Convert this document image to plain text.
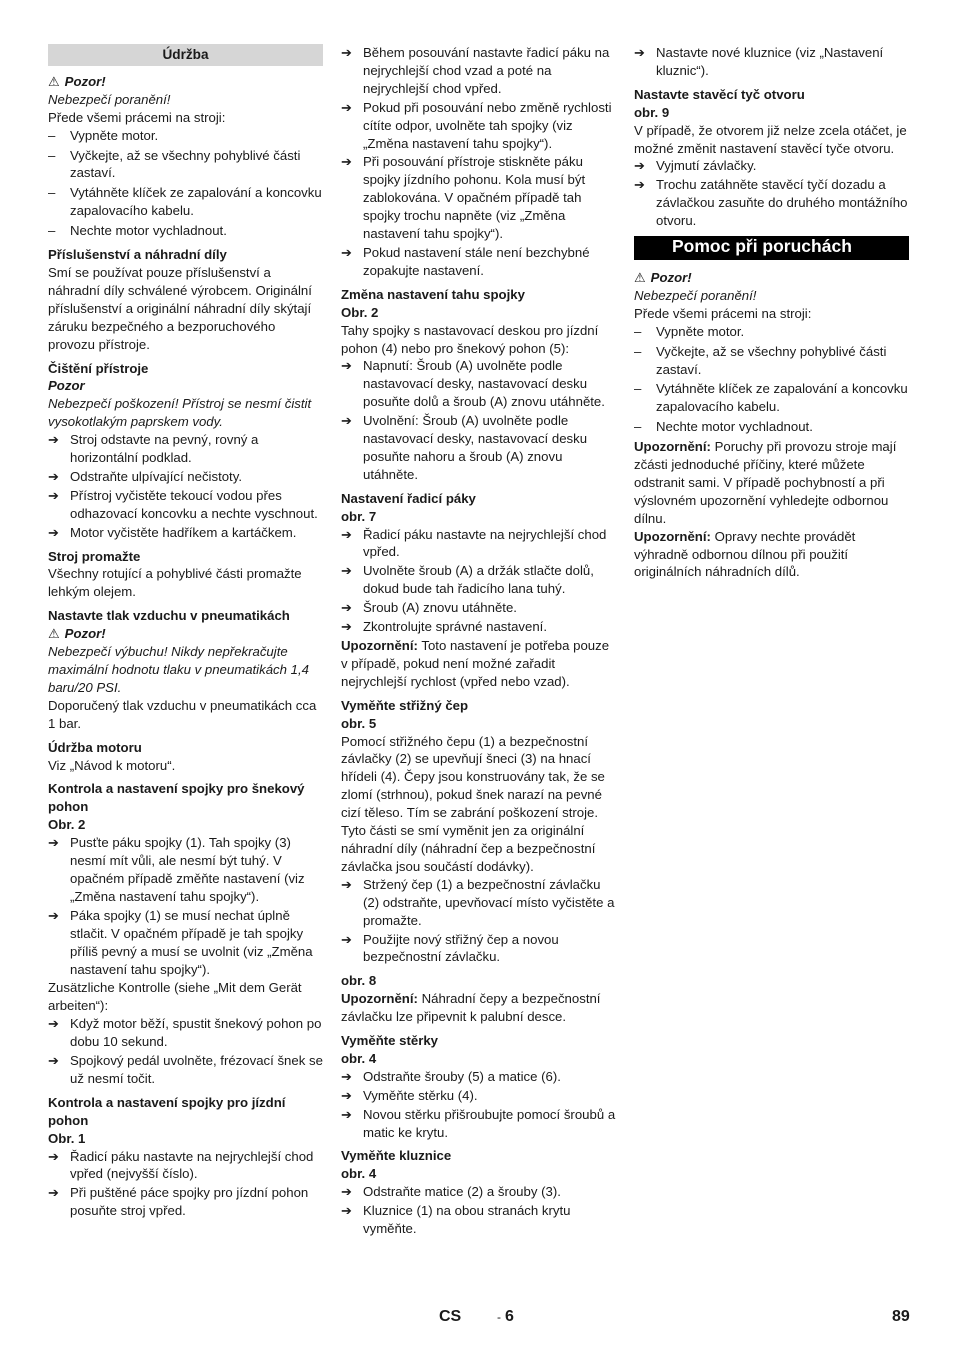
Údržba

⚠ Pozor!

Nebezpečí poranění!

Přede všemi prácemi na stroji:

– Vypněte motor.
– Vyčkejte, až se všechny pohyblivé části zastaví.
– Vytáhněte klíček ze zapalování a koncovku zapalovacího kabelu.
– Nechte motor vychladnout.

Příslušenství a náhradní díly

Smí se používat pouze příslušenství a náhradní díly schválené výrobcem. Originální příslušenství a originální náhradní díly skýtají záruku bezpečného a bezporuchového provozu přístroje.

Čištění přístroje

Pozor

Nebezpečí poškození! Přístroj se nesmí čistit vysokotlakým paprskem vody.

➔ Stroj odstavte na pevný, rovný a horizontální podklad.
➔ Odstraňte ulpívající nečistoty.
➔ Přístroj vyčistěte tekoucí vodou přes odhazovací koncovku a nechte vyschnout.
➔ Motor vyčistěte hadříkem a kartáčkem.

Stroj promažte

Všechny rotující a pohyblivé části promažte lehkým olejem.

Nastavte tlak vzduchu v pneumatikách

⚠ Pozor!

Nebezpečí výbuchu! Nikdy nepřekračujte maximální hodnotu tlaku v pneumatikách 1,4 baru/20 PSI.

Doporučený tlak vzduchu v pneumatikách cca 1 bar.

Údržba motoru

Viz „Návod k motoru“.

Kontrola a nastavení spojky pro šnekový pohon

Obr. 2

➔ Pusťte páku spojky (1). Tah spojky (3) nesmí mít vůli, ale nesmí být tuhý. V opačném případě změňte nastavení (viz „Změna nastavení tahu spojky“).
➔ Páka spojky (1) se musí nechat úplně stlačit. V opačném případě je tah spojky příliš pevný a musí se uvolnit (viz „Změna nastavení tahu spojky“).

Zusätzliche Kontrolle (siehe „Mit dem Gerät arbeiten“):

➔ Když motor běží, spustit šnekový pohon po dobu 10 sekund.
➔ Spojkový pedál uvolněte, frézovací šnek se už nesmí točit.

Kontrola a nastavení spojky pro jízdní pohon

Obr. 1

➔ Řadicí páku nastavte na nejrychlejší chod vpřed (nejvyšší číslo).
➔ Při puštěné páce spojky pro jízdní pohon posuňte stroj vpřed.
➔ Během posouvání nastavte řadicí páku na nejrychlejší chod vzad a poté na nejrychlejší chod vpřed.
➔ Pokud při posouvání nebo změně rychlosti cítíte odpor, uvolněte tah spojky (viz „Změna nastavení tahu spojky“).
➔ Při posouvání přístroje stiskněte páku spojky jízdního pohonu. Kola musí být zablokována. V opačném případě tah spojky trochu napněte (viz „Změna nastavení tahu spojky“).
➔ Pokud nastavení stále není bezchybné zopakujte nastavení.

Změna nastavení tahu spojky

Obr. 2

Tahy spojky s nastavovací deskou pro jízdní pohon (4) nebo pro šnekový pohon (5):

➔ Napnutí: Šroub (A) uvolněte podle nastavovací desky, nastavovací desku posuňte dolů a šroub (A) znovu utáhněte.
➔ Uvolnění: Šroub (A) uvolněte podle nastavovací desky, nastavovací desku posuňte nahoru a šroub (A) znovu utáhněte.

Nastavení řadicí páky

obr. 7

➔ Řadicí páku nastavte na nejrychlejší chod vpřed.
➔ Uvolněte šroub (A) a držák stlačte dolů, dokud bude tah řadicího lana tuhý.
➔ Šroub (A) znovu utáhněte.
➔ Zkontrolujte správné nastavení.

Upozornění: Toto nastavení je potřeba pouze v případě, pokud není možné zařadit nejrychlejší rychlost (vpřed nebo vzad).

Vyměňte střižný čep

obr. 5

Pomocí střižného čepu (1) a bezpečnostní závlačky (2) se upevňují šneci (3) na hnací hřídeli (4). Čepy jsou konstruovány tak, že se zlomí (strhnou), pokud šnek narazí na pevné cizí těleso. Tím se zabrání poškození stroje. Tyto části se smí vyměnit jen za originální náhradní díly (náhradní čep a bezpečnostní závlačka jsou součástí dodávky).

➔ Stržený čep (1) a bezpečnostní závlačku (2) odstraňte, upevňovací místo vyčistěte a promažte.
➔ Použijte nový střižný čep a novou bezpečnostní závlačku.

obr. 8

Upozornění: Náhradní čepy a bezpečnostní závlačku lze připevnit k palubní desce.

Vyměňte stěrky

obr. 4

➔ Odstraňte šrouby (5) a matice (6).
➔ Vyměňte stěrku (4).
➔ Novou stěrku přišroubujte pomocí šroubů a matic ke krytu.

Vyměňte kluznice

obr. 4

➔ Odstraňte matice (2) a šrouby (3).
➔ Kluznice (1) na obou stranách krytu vyměňte.
➔ Nastavte nové kluznice (viz „Nastavení kluznic“).

Nastavte stavěcí tyč otvoru

obr. 9

V případě, že otvorem již nelze zcela otáčet, je možné změnit nastavení stavěcí tyče otvoru.

➔ Vyjmutí závlačky.
➔ Trochu zatáhněte stavěcí tyčí dozadu a závlačkou zasuňte do druhého montážního otvoru.
Pomoc při poruchách

⚠ Pozor!

Nebezpečí poranění!

Přede všemi prácemi na stroji:

– Vypněte motor.
– Vyčkejte, až se všechny pohyblivé části zastaví.
– Vytáhněte klíček ze zapalování a koncovku zapalovacího kabelu.
– Nechte motor vychladnout.

Upozornění: Poruchy při provozu stroje mají zčásti jednoduché příčiny, které můžete odstranit sami. V případě pochybností a při výslovném upozornění vyhledejte odbornou dílnu.

Upozornění: Opravy nechte provádět výhradně odbornou dílnou při použití originálních náhradních dílů.

CS	- 6	89
